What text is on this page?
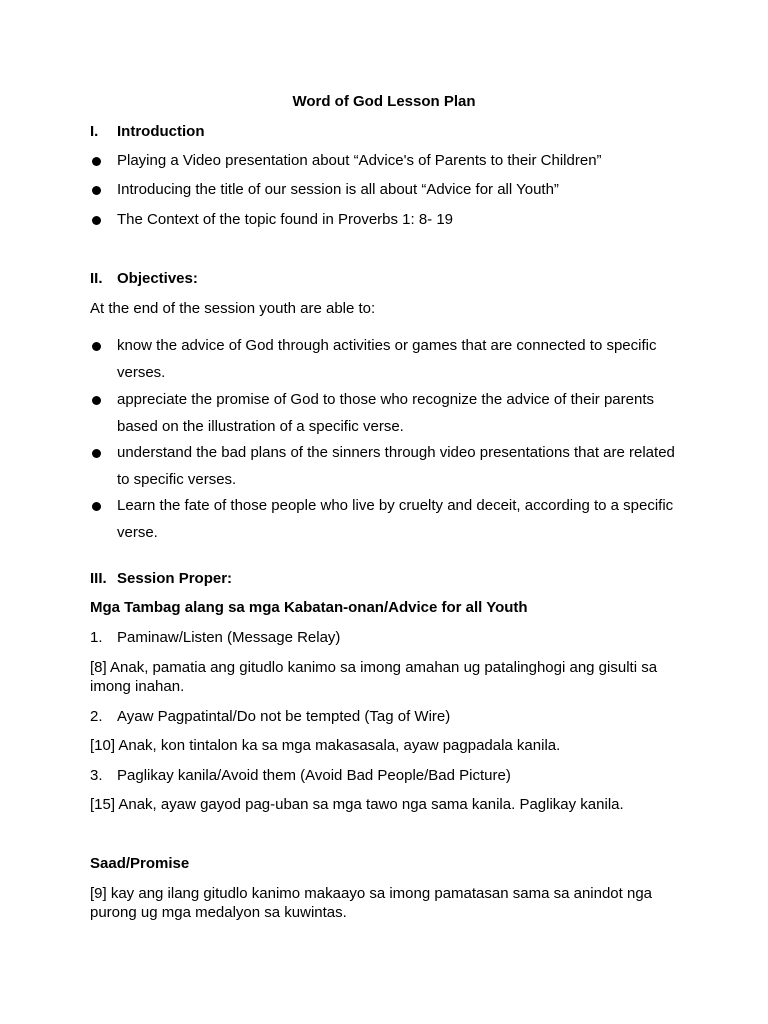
Word of God Lesson Plan
I. Introduction
Playing a Video presentation about “Advice's of Parents to their Children”
Introducing the title of our session is all about “Advice for all Youth”
The Context of the topic found in Proverbs 1: 8- 19
II. Objectives:
At the end of the session youth are able to:
know the advice of God through activities or games that are connected to specific
verses.
appreciate the promise of God to those who recognize the advice of their parents
based on the illustration of a specific verse.
understand the bad plans of the sinners through video presentations that are related
to specific verses.
Learn the fate of those people who live by cruelty and deceit, according to a specific
verse.
III. Session Proper:
Mga Tambag alang sa mga Kabatan-onan/Advice for all Youth
1. Paminaw/Listen (Message Relay)
[8] Anak, pamatia ang gitudlo kanimo sa imong amahan ug patalinghogi ang gisulti sa
imong inahan.
2. Ayaw Pagpatintal/Do not be tempted (Tag of Wire)
[10] Anak, kon tintalon ka sa mga makasasala, ayaw pagpadala kanila.
3. Paglikay kanila/Avoid them (Avoid Bad People/Bad Picture)
[15] Anak, ayaw gayod pag-uban sa mga tawo nga sama kanila. Paglikay kanila.
Saad/Promise
[9] kay ang ilang gitudlo kanimo makaayo sa imong pamatasan sama sa anindot nga
purong ug mga medalyon sa kuwintas.
